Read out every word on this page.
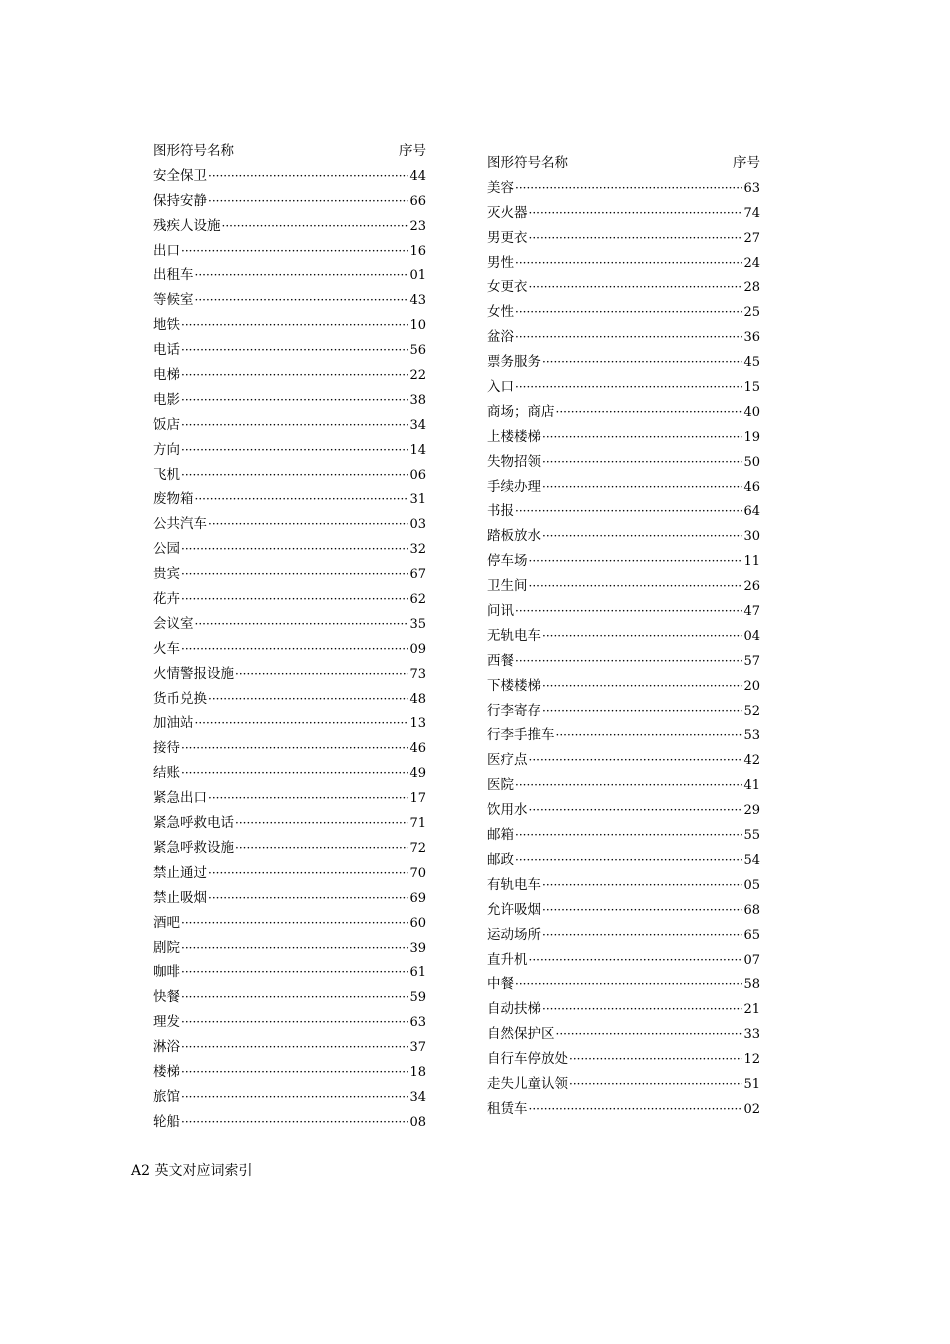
图形符号名称	序号
安全保卫 ·····	44
保持安静 ·····	66
残疾人设施 ·····	23
出口 ·····	16
出租车 ·····	01
等候室 ·····	43
地铁 ·····	10
电话 ·····	56
电梯 ·····	22
电影 ·····	38
饭店 ·····	34
方向 ·····	14
飞机 ·····	06
废物箱 ·····	31
公共汽车 ·····	03
公园 ·····	32
贵宾 ·····	67
花卉 ·····	62
会议室 ·····	35
火车 ·····	09
火情警报设施 ·····	73
货币兑换 ·····	48
加油站 ·····	13
接待 ·····	46
结账 ·····	49
紧急出口 ·····	17
紧急呼救电话 ·····	71
紧急呼救设施 ·····	72
禁止通过 ·····	70
禁止吸烟 ·····	69
酒吧 ·····	60
剧院 ·····	39
咖啡 ·····	61
快餐 ·····	59
理发 ·····	63
淋浴 ·····	37
楼梯 ·····	18
旅馆 ·····	34
轮船 ·····	08
图形符号名称	序号
美容 ·····	63
灭火器 ·····	74
男更衣 ·····	27
男性 ·····	24
女更衣 ·····	28
女性 ·····	25
盆浴 ·····	36
票务服务 ·····	45
入口 ·····	15
商场；商店 ·····	40
上楼楼梯 ·····	19
失物招领 ·····	50
手续办理 ·····	46
书报 ·····	64
踏板放水 ·····	30
停车场 ·····	11
卫生间 ·····	26
问讯 ·····	47
无轨电车 ·····	04
西餐 ·····	57
下楼楼梯 ·····	20
行李寄存 ·····	52
行李手推车 ·····	53
医疗点 ·····	42
医院 ·····	41
饮用水 ·····	29
邮箱 ·····	55
邮政 ·····	54
有轨电车 ·····	05
允许吸烟 ·····	68
运动场所 ·····	65
直升机 ·····	07
中餐 ·····	58
自动扶梯 ·····	21
自然保护区 ·····	33
自行车停放处 ·····	12
走失儿童认领 ·····	51
租赁车 ·····	02
A2 英文对应词索引
